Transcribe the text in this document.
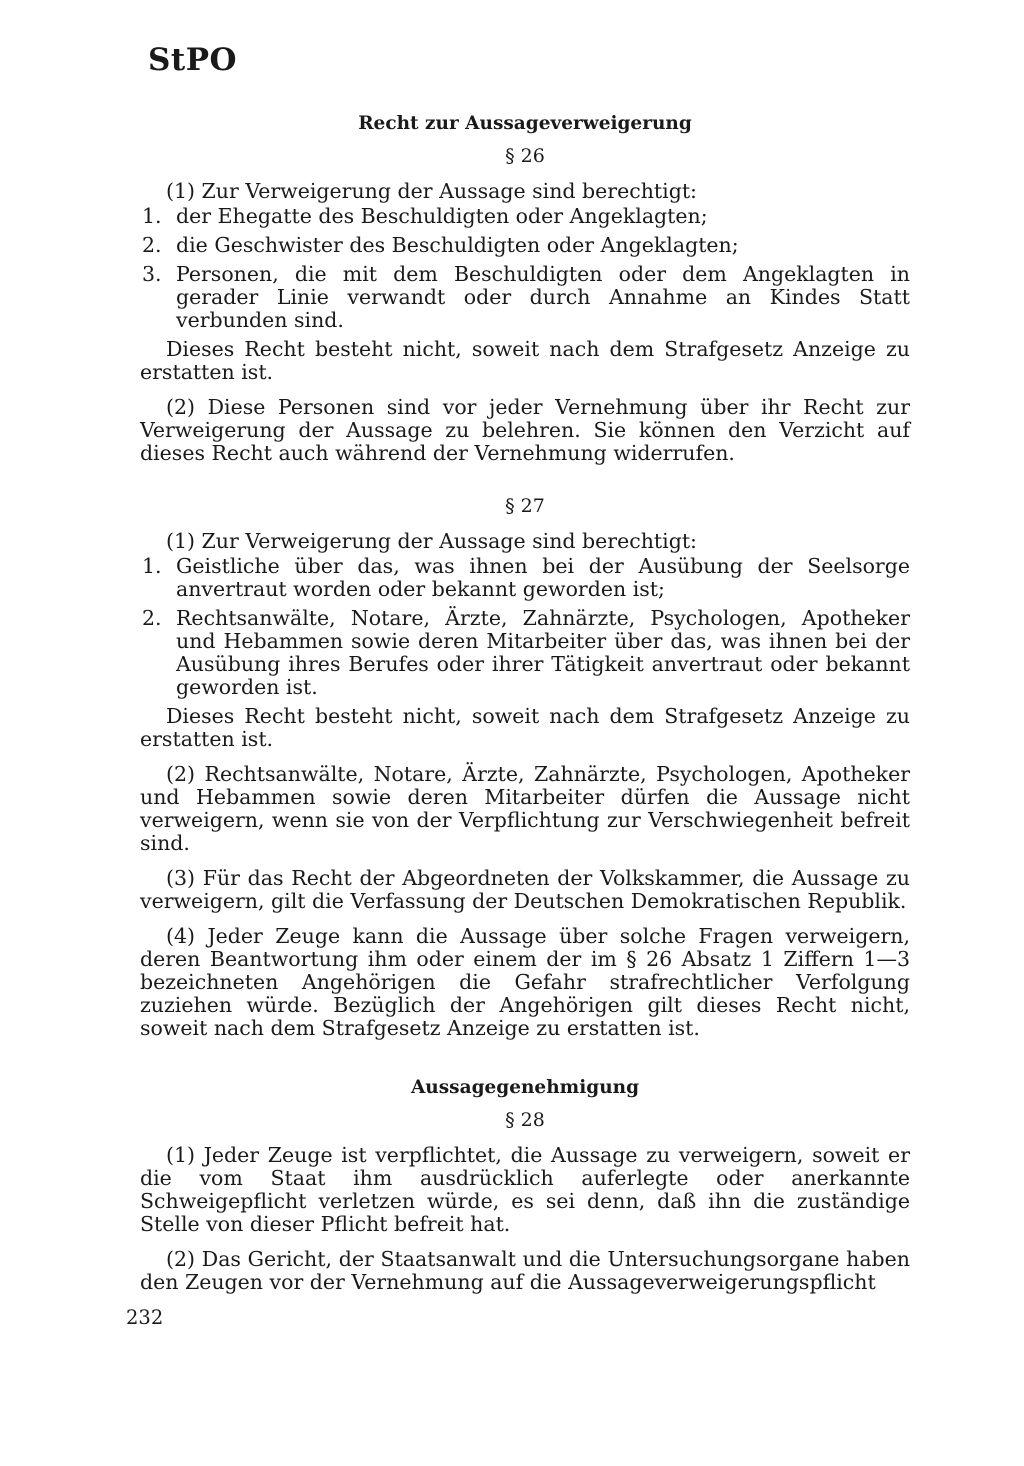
StPO
Recht zur Aussageverweigerung
§ 26

(1) Zur Verweigerung der Aussage sind berechtigt:

1. der Ehegatte des Beschuldigten oder Angeklagten;
2. die Geschwister des Beschuldigten oder Angeklagten;
3. Personen, die mit dem Beschuldigten oder dem Angeklagten in gerader Linie verwandt oder durch Annahme an Kindes Statt verbunden sind.

Dieses Recht besteht nicht, soweit nach dem Strafgesetz Anzeige zu erstatten ist.

(2) Diese Personen sind vor jeder Vernehmung über ihr Recht zur Verweigerung der Aussage zu belehren. Sie können den Verzicht auf dieses Recht auch während der Vernehmung widerrufen.

§ 27

(1) Zur Verweigerung der Aussage sind berechtigt:

1. Geistliche über das, was ihnen bei der Ausübung der Seelsorge anvertraut worden oder bekannt geworden ist;
2. Rechtsanwälte, Notare, Ärzte, Zahnärzte, Psychologen, Apotheker und Hebammen sowie deren Mitarbeiter über das, was ihnen bei der Ausübung ihres Berufes oder ihrer Tätigkeit anvertraut oder bekannt geworden ist.

Dieses Recht besteht nicht, soweit nach dem Strafgesetz Anzeige zu erstatten ist.

(2) Rechtsanwälte, Notare, Ärzte, Zahnärzte, Psychologen, Apotheker und Hebammen sowie deren Mitarbeiter dürfen die Aussage nicht verweigern, wenn sie von der Verpflichtung zur Verschwiegenheit befreit sind.

(3) Für das Recht der Abgeordneten der Volkskammer, die Aussage zu verweigern, gilt die Verfassung der Deutschen Demokratischen Republik.

(4) Jeder Zeuge kann die Aussage über solche Fragen verweigern, deren Beantwortung ihm oder einem der im § 26 Absatz 1 Ziffern 1—3 bezeichneten Angehörigen die Gefahr strafrechtlicher Verfolgung zuziehen würde. Bezüglich der Angehörigen gilt dieses Recht nicht, soweit nach dem Strafgesetz Anzeige zu erstatten ist.

Aussagegenehmigung
§ 28

(1) Jeder Zeuge ist verpflichtet, die Aussage zu verweigern, soweit er die vom Staat ihm ausdrücklich auferlegte oder anerkannte Schweigepflicht verletzen würde, es sei denn, daß ihn die zuständige Stelle von dieser Pflicht befreit hat.

(2) Das Gericht, der Staatsanwalt und die Untersuchungsorgane haben den Zeugen vor der Vernehmung auf die Aussageverweigerungspflicht

232
